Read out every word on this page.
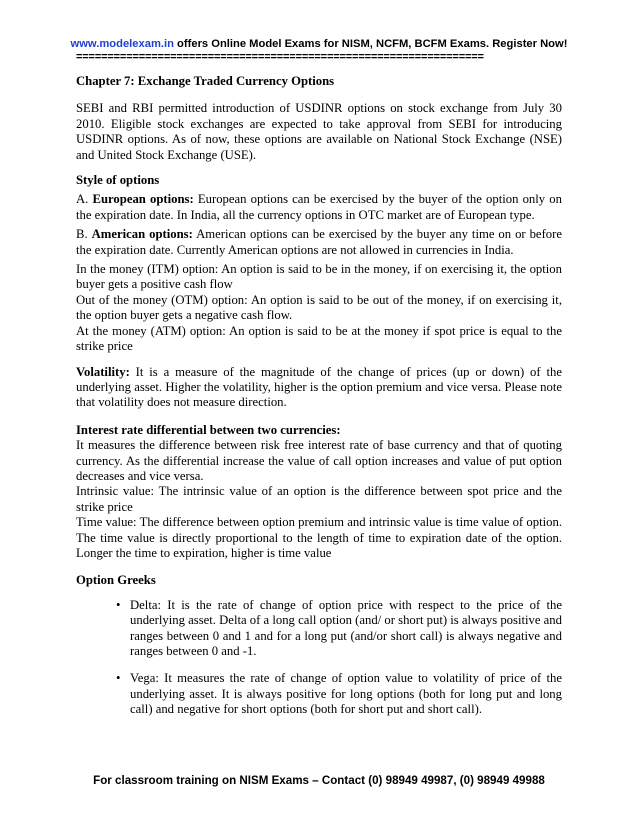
www.modelexam.in offers Online Model Exams for NISM, NCFM, BCFM Exams. Register Now!
=================================================================

Chapter 7: Exchange Traded Currency Options

SEBI and RBI permitted introduction of USDINR options on stock exchange from July 30 2010. Eligible stock exchanges are expected to take approval from SEBI for introducing USDINR options. As of now, these options are available on National Stock Exchange (NSE) and United Stock Exchange (USE).

Style of options

A. European options: European options can be exercised by the buyer of the option only on the expiration date. In India, all the currency options in OTC market are of European type.

B. American options: American options can be exercised by the buyer any time on or before the expiration date. Currently American options are not allowed in currencies in India.

In the money (ITM) option: An option is said to be in the money, if on exercising it, the option buyer gets a positive cash flow

Out of the money (OTM) option: An option is said to be out of the money, if on exercising it, the option buyer gets a negative cash flow.

At the money (ATM) option: An option is said to be at the money if spot price is equal to the strike price

Volatility: It is a measure of the magnitude of the change of prices (up or down) of the underlying asset. Higher the volatility, higher is the option premium and vice versa. Please note that volatility does not measure direction.

Interest rate differential between two currencies:

It measures the difference between risk free interest rate of base currency and that of quoting currency. As the differential increase the value of call option increases and value of put option decreases and vice versa.

Intrinsic value: The intrinsic value of an option is the difference between spot price and the strike price

Time value: The difference between option premium and intrinsic value is time value of option. The time value is directly proportional to the length of time to expiration date of the option. Longer the time to expiration, higher is time value

Option Greeks

• Delta: It is the rate of change of option price with respect to the price of the underlying asset. Delta of a long call option (and/ or short put) is always positive and ranges between 0 and 1 and for a long put (and/or short call) is always negative and ranges between 0 and -1.
• Vega: It measures the rate of change of option value to volatility of price of the underlying asset. It is always positive for long options (both for long put and long call) and negative for short options (both for short put and short call).
For classroom training on NISM Exams – Contact (0) 98949 49987, (0) 98949 49988
